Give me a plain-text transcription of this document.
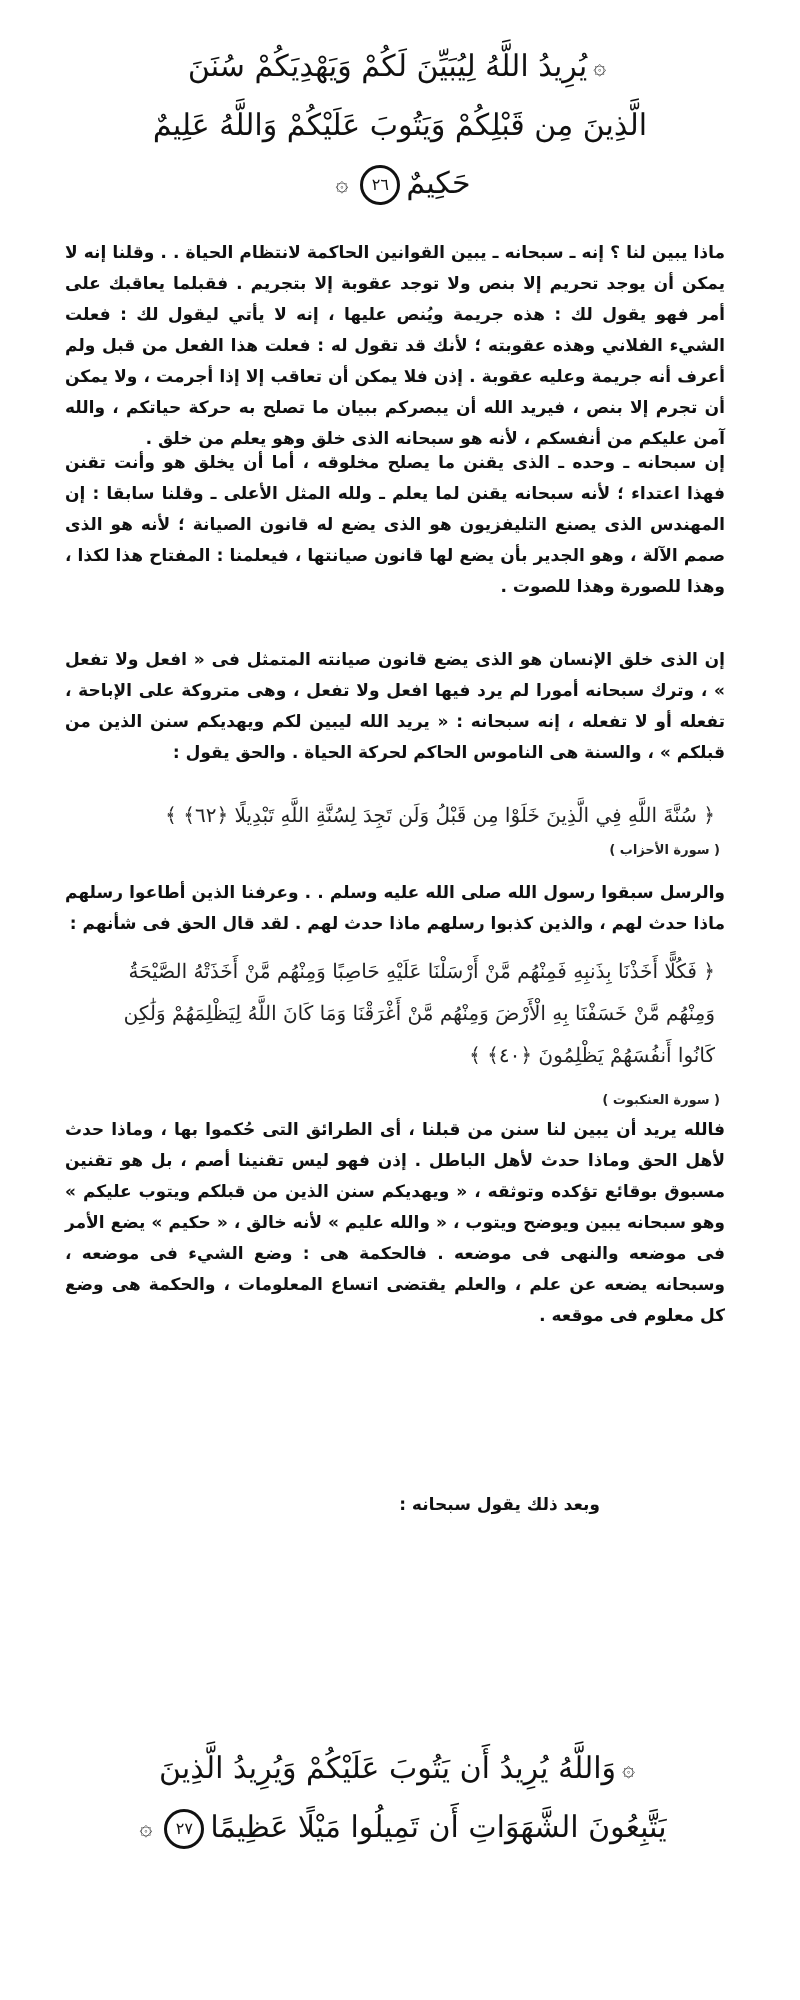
۞يُرِيدُ اللَّهُ لِيُبَيِّنَ لَكُمْ وَيَهْدِيَكُمْ سُنَنَ
الَّذِينَ مِن قَبْلِكُمْ وَيَتُوبَ عَلَيْكُمْ وَاللَّهُ عَلِيمٌ
حَكِيمٌ٢٦۞

ماذا يبين لنا ؟ إنه ـ سبحانه ـ يبين القوانين الحاكمة لانتظام الحياة . . وقلنا إنه لا يمكن أن يوجد تحريم إلا بنص ولا توجد عقوبة إلا بتجريم . فقبلما يعاقبك على أمر فهو يقول لك : هذه جريمة ويُنص عليها ، إنه لا يأتي ليقول لك : فعلت الشيء الفلاني وهذه عقوبته ؛ لأنك قد تقول له : فعلت هذا الفعل من قبل ولم أعرف أنه جريمة وعليه عقوبة . إذن فلا يمكن أن تعاقب إلا إذا أجرمت ، ولا يمكن أن تجرم إلا بنص ، فيريد الله أن يبصركم ببيان ما تصلح به حركة حياتكم ، والله آمن عليكم من أنفسكم ، لأنه هو سبحانه الذى خلق وهو يعلم من خلق .

إن سبحانه ـ وحده ـ الذى يقنن ما يصلح مخلوقه ، أما أن يخلق هو وأنت تقنن فهذا اعتداء ؛ لأنه سبحانه يقنن لما يعلم ـ ولله المثل الأعلى ـ وقلنا سابقا : إن المهندس الذى يصنع التليفزيون هو الذى يضع له قانون الصيانة ؛ لأنه هو الذى صمم الآلة ، وهو الجدير بأن يضع لها قانون صيانتها ، فيعلمنا : المفتاح هذا لكذا ، وهذا للصورة وهذا للصوت .

إن الذى خلق الإنسان هو الذى يضع قانون صيانته المتمثل فى « افعل ولا تفعل » ، وترك سبحانه أمورا لم يرد فيها افعل ولا تفعل ، وهى متروكة على الإباحة ، تفعله أو لا تفعله ، إنه سبحانه : « يريد الله ليبين لكم ويهديكم سنن الذين من قبلكم » ، والسنة هى الناموس الحاكم لحركة الحياة . والحق يقول :

﴿ سُنَّةَ اللَّهِ فِي الَّذِينَ خَلَوْا مِن قَبْلُ وَلَن تَجِدَ لِسُنَّةِ اللَّهِ تَبْدِيلًا ﴿٦٢﴾ ﴾
( سورة الأحزاب )

والرسل سبقوا رسول الله صلى الله عليه وسلم . . وعرفنا الذين أطاعوا رسلهم ماذا حدث لهم ، والذين كذبوا رسلهم ماذا حدث لهم . لقد قال الحق فى شأنهم :

﴿ فَكُلًّا أَخَذْنَا بِذَنبِهِ فَمِنْهُم مَّنْ أَرْسَلْنَا عَلَيْهِ حَاصِبًا وَمِنْهُم مَّنْ أَخَذَتْهُ الصَّيْحَةُ وَمِنْهُم مَّنْ خَسَفْنَا بِهِ الْأَرْضَ وَمِنْهُم مَّنْ أَغْرَقْنَا وَمَا كَانَ اللَّهُ لِيَظْلِمَهُمْ وَلَٰكِن كَانُوا أَنفُسَهُمْ يَظْلِمُونَ ﴿٤٠﴾ ﴾
( سورة العنكبوت )

فالله يريد أن يبين لنا سنن من قبلنا ، أى الطرائق التى حُكموا بها ، وماذا حدث لأهل الحق وماذا حدث لأهل الباطل . إذن فهو ليس تقنينا أصم ، بل هو تقنين مسبوق بوقائع تؤكده وتوثقه ، « ويهديكم سنن الذين من قبلكم ويتوب عليكم » وهو سبحانه يبين ويوضح ويتوب ، « والله عليم » لأنه خالق ، « حكيم » يضع الأمر فى موضعه والنهى فى موضعه . فالحكمة هى : وضع الشيء فى موضعه ، وسبحانه يضعه عن علم ، والعلم يقتضى اتساع المعلومات ، والحكمة هى وضع كل معلوم فى موقعه .

وبعد ذلك يقول سبحانه :
۞وَاللَّهُ يُرِيدُ أَن يَتُوبَ عَلَيْكُمْ وَيُرِيدُ الَّذِينَ
يَتَّبِعُونَ الشَّهَوَاتِ أَن تَمِيلُوا مَيْلًا عَظِيمًا٢٧۞
